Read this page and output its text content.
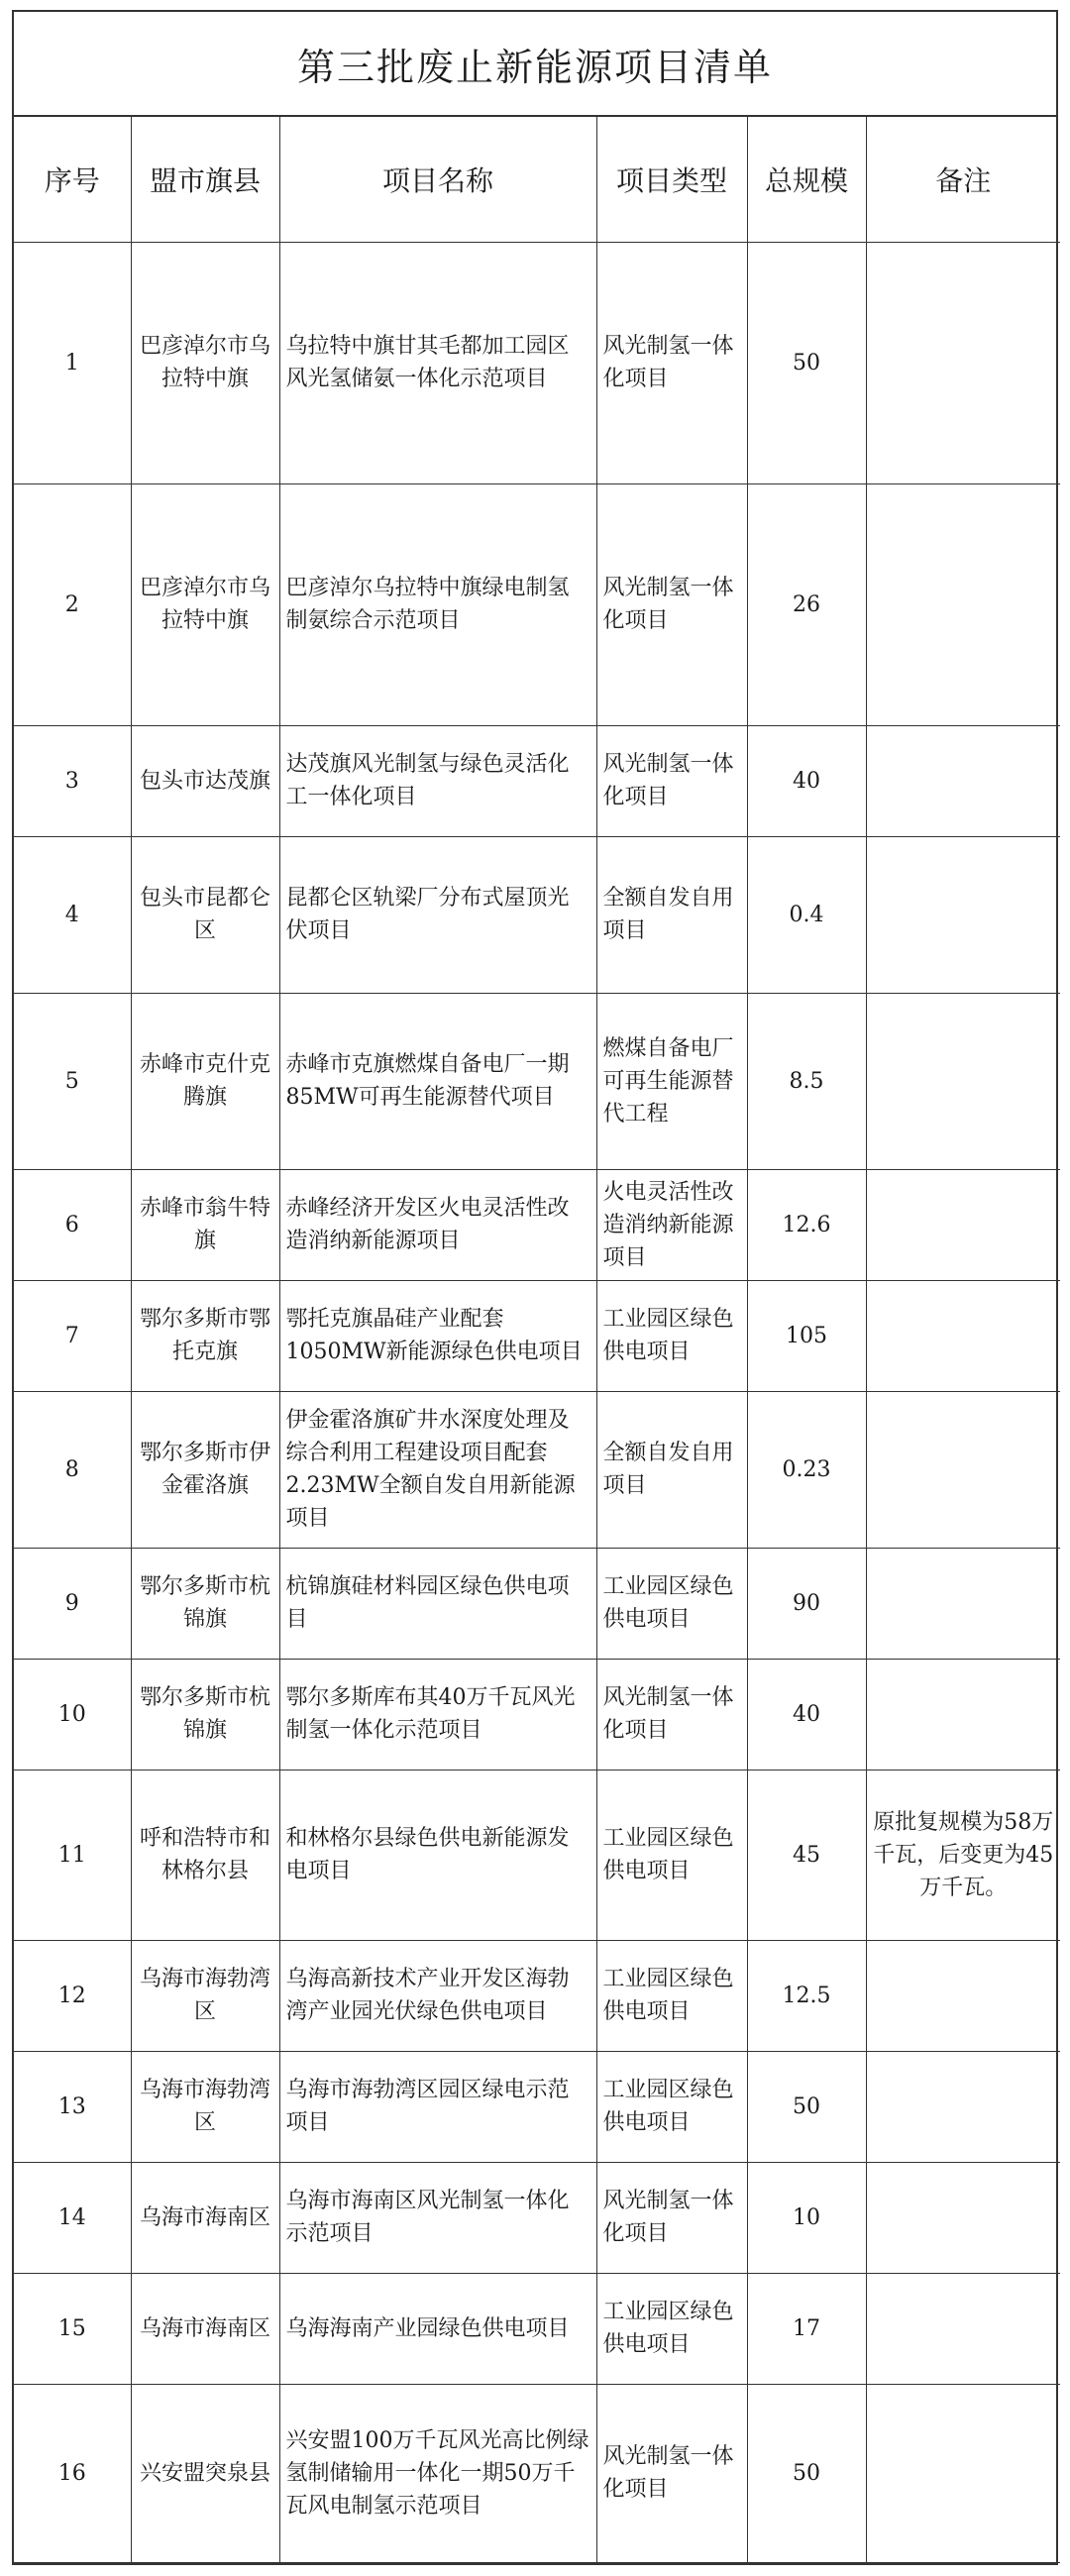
第三批废止新能源项目清单
序号	盟市旗县	项目名称	项目类型	总规模	备注
1	巴彦淖尔市乌拉特中旗	乌拉特中旗甘其毛都加工园区风光氢储氨一体化示范项目	风光制氢一体化项目	50	
2	巴彦淖尔市乌拉特中旗	巴彦淖尔乌拉特中旗绿电制氢制氨综合示范项目	风光制氢一体化项目	26	
3	包头市达茂旗	达茂旗风光制氢与绿色灵活化工一体化项目	风光制氢一体化项目	40	
4	包头市昆都仑区	昆都仑区轨梁厂分布式屋顶光伏项目	全额自发自用项目	0.4	
5	赤峰市克什克腾旗	赤峰市克旗燃煤自备电厂一期85MW可再生能源替代项目	燃煤自备电厂可再生能源替代工程	8.5	
6	赤峰市翁牛特旗	赤峰经济开发区火电灵活性改造消纳新能源项目	火电灵活性改造消纳新能源项目	12.6	
7	鄂尔多斯市鄂托克旗	鄂托克旗晶硅产业配套1050MW新能源绿色供电项目	工业园区绿色供电项目	105	
8	鄂尔多斯市伊金霍洛旗	伊金霍洛旗矿井水深度处理及综合利用工程建设项目配套2.23MW全额自发自用新能源项目	全额自发自用项目	0.23	
9	鄂尔多斯市杭锦旗	杭锦旗硅材料园区绿色供电项目	工业园区绿色供电项目	90	
10	鄂尔多斯市杭锦旗	鄂尔多斯库布其40万千瓦风光制氢一体化示范项目	风光制氢一体化项目	40	
11	呼和浩特市和林格尔县	和林格尔县绿色供电新能源发电项目	工业园区绿色供电项目	45	原批复规模为58万千瓦，后变更为45万千瓦。
12	乌海市海勃湾区	乌海高新技术产业开发区海勃湾产业园光伏绿色供电项目	工业园区绿色供电项目	12.5	
13	乌海市海勃湾区	乌海市海勃湾区园区绿电示范项目	工业园区绿色供电项目	50	
14	乌海市海南区	乌海市海南区风光制氢一体化示范项目	风光制氢一体化项目	10	
15	乌海市海南区	乌海海南产业园绿色供电项目	工业园区绿色供电项目	17	
16	兴安盟突泉县	兴安盟100万千瓦风光高比例绿氢制储输用一体化一期50万千瓦风电制氢示范项目	风光制氢一体化项目	50	
